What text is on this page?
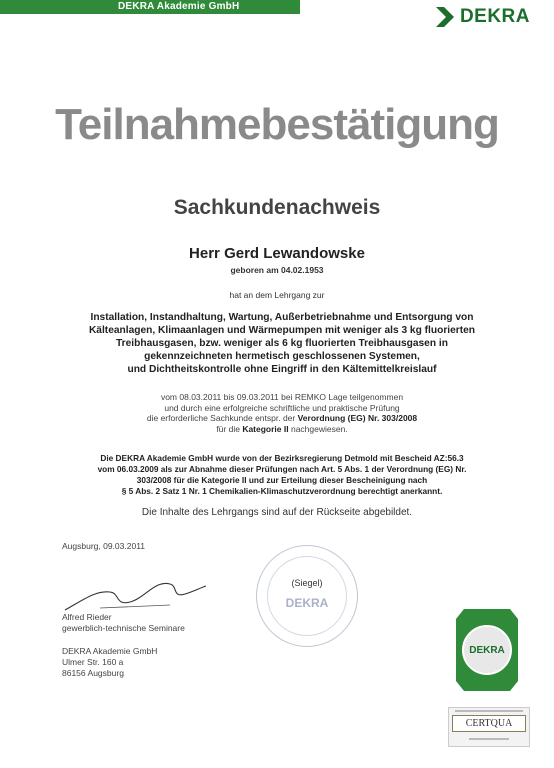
DEKRA Akademie GmbH	DEKRA
Teilnahmebestätigung
Sachkundenachweis
Herr Gerd Lewandowske
geboren am 04.02.1953
hat an dem Lehrgang zur
Installation, Instandhaltung, Wartung, Außerbetriebnahme und Entsorgung von
Kälteanlagen, Klimaanlagen und Wärmepumpen mit weniger als 3 kg fluorierten
Treibhausgasen, bzw. weniger als 6 kg fluorierten Treibhausgasen in
gekennzeichneten hermetisch geschlossenen Systemen,
und Dichtheitskontrolle ohne Eingriff in den Kältemittelkreislauf
vom 08.03.2011 bis 09.03.2011 bei REMKO Lage teilgenommen
und durch eine erfolgreiche schriftliche und praktische Prüfung
die erforderliche Sachkunde entspr. der Verordnung (EG) Nr. 303/2008
für die Kategorie II nachgewiesen.
Die DEKRA Akademie GmbH wurde von der Bezirksregierung Detmold mit Bescheid AZ:56.3
vom 06.03.2009 als zur Abnahme dieser Prüfungen nach Art. 5 Abs. 1 der Verordnung (EG) Nr.
303/2008 für die Kategorie II und zur Erteilung dieser Bescheinigung nach
§ 5 Abs. 2 Satz 1 Nr. 1 Chemikalien-Klimaschutzverordnung berechtigt anerkannt.
Die Inhalte des Lehrgangs sind auf der Rückseite abgebildet.
Augsburg, 09.03.2011
Alfred Rieder
gewerblich-technische Seminare
DEKRA Akademie GmbH
Ulmer Str. 160 a
86156 Augsburg
(Siegel)
DEKRA
DEKRA
CERTQUA
